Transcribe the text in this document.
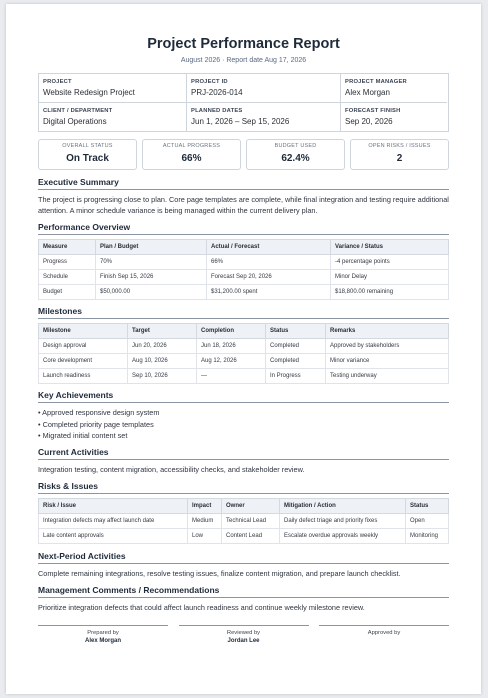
Project Performance Report
August 2026 · Report date Aug 17, 2026
PROJECT
Website Redesign Project
PROJECT ID
PRJ-2026-014
PROJECT MANAGER
Alex Morgan
CLIENT / DEPARTMENT
Digital Operations
PLANNED DATES
Jun 1, 2026 – Sep 15, 2026
FORECAST FINISH
Sep 20, 2026
OVERALL STATUS
On Track
ACTUAL PROGRESS
66%
BUDGET USED
62.4%
OPEN RISKS / ISSUES
2
Executive Summary
The project is progressing close to plan. Core page templates are complete, while final integration and testing require additional attention. A minor schedule variance is being managed within the current delivery plan.
Performance Overview
Measure	Plan / Budget	Actual / Forecast	Variance / Status
Progress	70%	66%	-4 percentage points
Schedule	Finish Sep 15, 2026	Forecast Sep 20, 2026	Minor Delay
Budget	$50,000.00	$31,200.00 spent	$18,800.00 remaining
Milestones
Milestone	Target	Completion	Status	Remarks
Design approval	Jun 20, 2026	Jun 18, 2026	Completed	Approved by stakeholders
Core development	Aug 10, 2026	Aug 12, 2026	Completed	Minor variance
Launch readiness	Sep 10, 2026	—	In Progress	Testing underway
Key Achievements
• Approved responsive design system
• Completed priority page templates
• Migrated initial content set
Current Activities
Integration testing, content migration, accessibility checks, and stakeholder review.
Risks & Issues
Risk / Issue	Impact	Owner	Mitigation / Action	Status
Integration defects may affect launch date	Medium	Technical Lead	Daily defect triage and priority fixes	Open
Late content approvals	Low	Content Lead	Escalate overdue approvals weekly	Monitoring
Next-Period Activities
Complete remaining integrations, resolve testing issues, finalize content migration, and prepare launch checklist.
Management Comments / Recommendations
Prioritize integration defects that could affect launch readiness and continue weekly milestone review.
Prepared by
Alex Morgan
Reviewed by
Jordan Lee
Approved by
